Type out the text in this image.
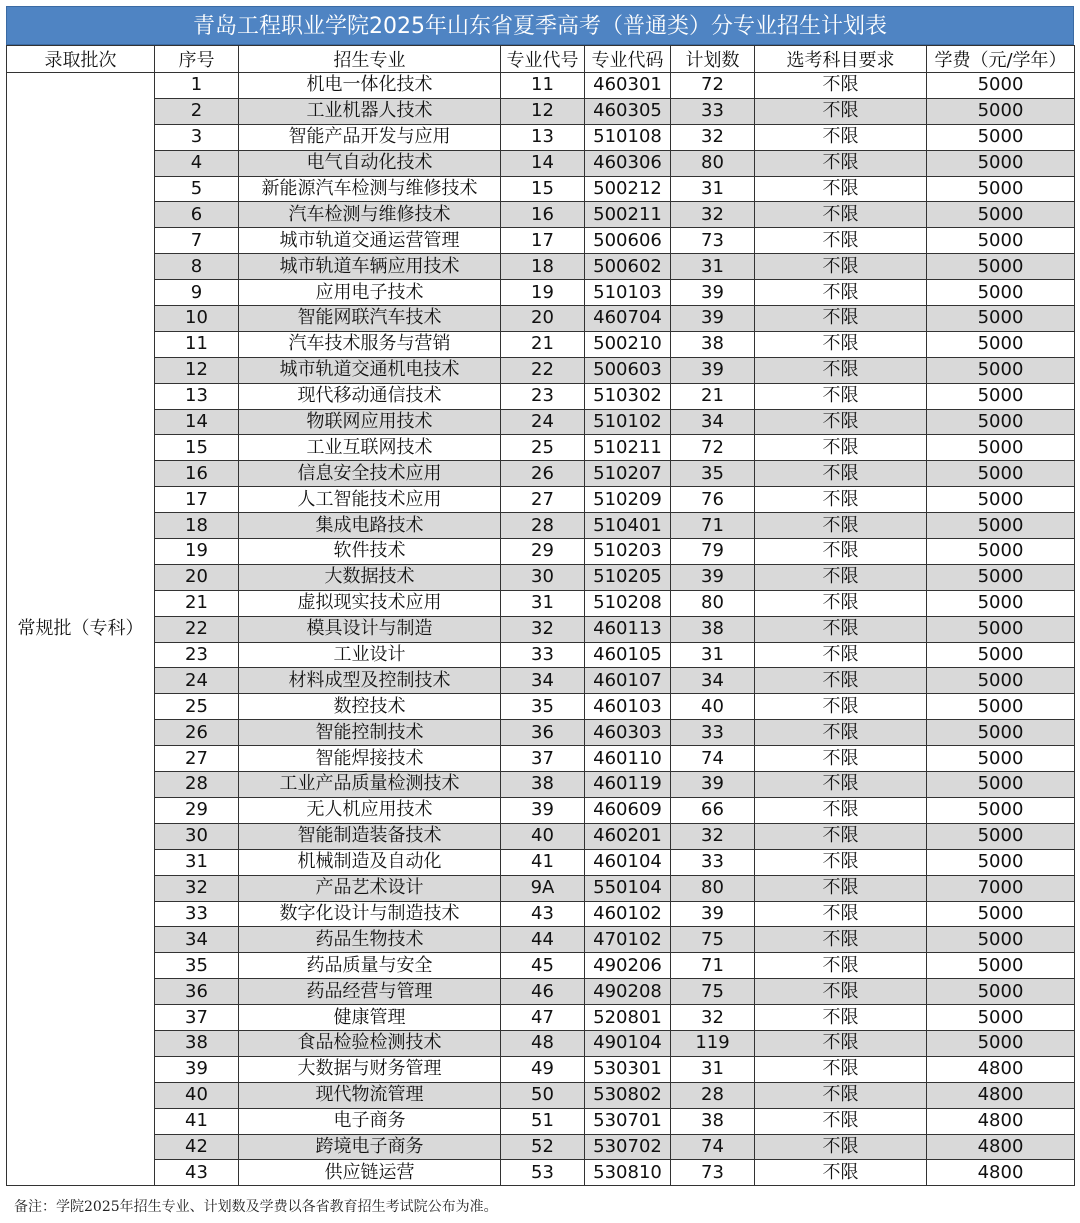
青岛工程职业学院2025年山东省夏季高考（普通类）分专业招生计划表
录取批次	序号	招生专业	专业代号	专业代码	计划数	选考科目要求	学费（元/学年）
常规批（专科）	1	机电一体化技术	11	460301	72	不限	5000
	2	工业机器人技术	12	460305	33	不限	5000
	3	智能产品开发与应用	13	510108	32	不限	5000
	4	电气自动化技术	14	460306	80	不限	5000
	5	新能源汽车检测与维修技术	15	500212	31	不限	5000
	6	汽车检测与维修技术	16	500211	32	不限	5000
	7	城市轨道交通运营管理	17	500606	73	不限	5000
	8	城市轨道车辆应用技术	18	500602	31	不限	5000
	9	应用电子技术	19	510103	39	不限	5000
	10	智能网联汽车技术	20	460704	39	不限	5000
	11	汽车技术服务与营销	21	500210	38	不限	5000
	12	城市轨道交通机电技术	22	500603	39	不限	5000
	13	现代移动通信技术	23	510302	21	不限	5000
	14	物联网应用技术	24	510102	34	不限	5000
	15	工业互联网技术	25	510211	72	不限	5000
	16	信息安全技术应用	26	510207	35	不限	5000
	17	人工智能技术应用	27	510209	76	不限	5000
	18	集成电路技术	28	510401	71	不限	5000
	19	软件技术	29	510203	79	不限	5000
	20	大数据技术	30	510205	39	不限	5000
	21	虚拟现实技术应用	31	510208	80	不限	5000
	22	模具设计与制造	32	460113	38	不限	5000
	23	工业设计	33	460105	31	不限	5000
	24	材料成型及控制技术	34	460107	34	不限	5000
	25	数控技术	35	460103	40	不限	5000
	26	智能控制技术	36	460303	33	不限	5000
	27	智能焊接技术	37	460110	74	不限	5000
	28	工业产品质量检测技术	38	460119	39	不限	5000
	29	无人机应用技术	39	460609	66	不限	5000
	30	智能制造装备技术	40	460201	32	不限	5000
	31	机械制造及自动化	41	460104	33	不限	5000
	32	产品艺术设计	9A	550104	80	不限	7000
	33	数字化设计与制造技术	43	460102	39	不限	5000
	34	药品生物技术	44	470102	75	不限	5000
	35	药品质量与安全	45	490206	71	不限	5000
	36	药品经营与管理	46	490208	75	不限	5000
	37	健康管理	47	520801	32	不限	5000
	38	食品检验检测技术	48	490104	119	不限	5000
	39	大数据与财务管理	49	530301	31	不限	4800
	40	现代物流管理	50	530802	28	不限	4800
	41	电子商务	51	530701	38	不限	4800
	42	跨境电子商务	52	530702	74	不限	4800
	43	供应链运营	53	530810	73	不限	4800
备注：学院2025年招生专业、计划数及学费以各省教育招生考试院公布为准。
